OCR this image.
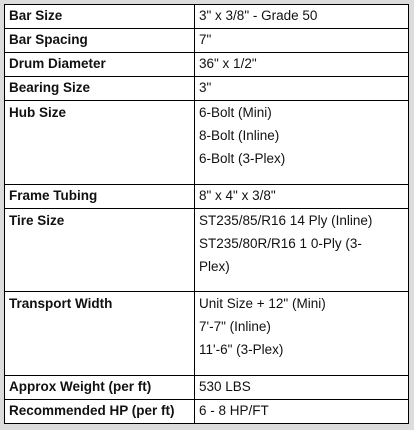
Bar Size	3" x 3/8" - Grade 50
Bar Spacing	7"
Drum Diameter	36" x 1/2"
Bearing Size	3"

Hub Size	6-Bolt (Mini)
8-Bolt (Inline)
6-Bolt (3-Plex)

Frame Tubing	8" x 4" x 3/8"

Tire Size	ST235/85/R16 14 Ply (Inline)
ST235/80R/R16 1 0-Ply (3-
Plex)

Transport Width	Unit Size + 12" (Mini)
7'-7" (Inline)
11'-6" (3-Plex)

Approx Weight (per ft)	530 LBS
Recommended HP (per ft)	6 - 8 HP/FT
